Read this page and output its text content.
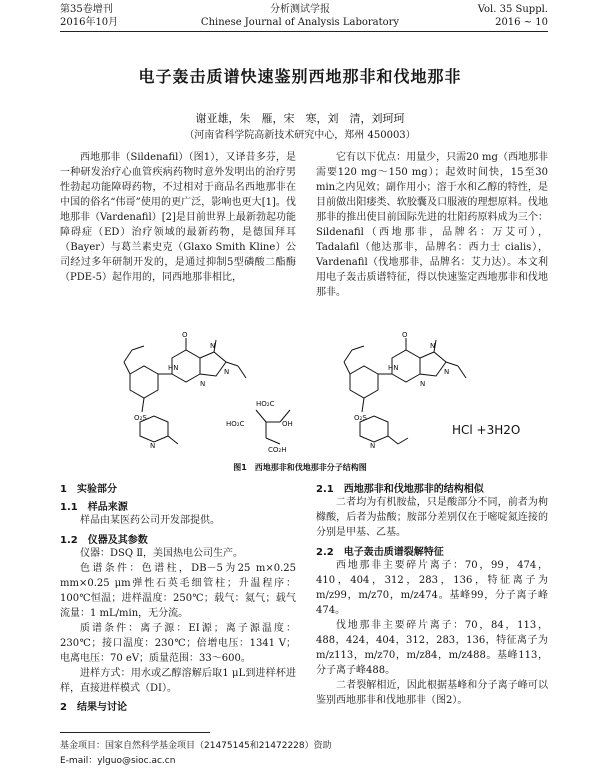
第35卷增刊
2016年10月
分析测试学报
Chinese Journal of Analysis Laboratory
Vol. 35 Suppl.
2016 ~ 10
电子轰击质谱快速鉴别西地那非和伐地那非
谢亚雄，朱　雁，宋　寒，刘　清，刘珂珂
（河南省科学院高新技术研究中心，郑州 450003）

西地那非（Sildenafil）（图1），又译昔多芬，是一种研发治疗心血管疾病药物时意外发明出的治疗男性勃起功能障碍药物，不过相对于商品名西地那非在中国的俗名“伟哥”使用的更广泛，影响也更大[1]。伐地那非（Vardenafil）[2]是目前世界上最新勃起功能障碍症（ED）治疗领域的最新药物，是德国拜耳（Bayer）与葛兰素史克（Glaxo Smith Kline）公司经过多年研制开发的，是通过抑制5型磷酸二酯酶（PDE-5）起作用的，同西地那非相比，

它有以下优点：用量少，只需20 mg（西地那非需要120 mg～150 mg）；起效时间快，15至30 min之内见效；副作用小；溶于水和乙醇的特性，是目前做出阳痿类、软胶囊及口服液的理想原料。伐地那非的推出使目前国际先进的壮阳药原料成为三个：Sildenafil（西地那非，品牌名：万艾可），Tadalafil（他达那非，品牌名：西力士 cialis），Vardenafil（伐地那非，品牌名：艾力达）。本文利用电子轰击质谱特征，得以快速鉴定西地那非和伐地那非。

O
HN
N
N
N
O₂S
N
HO₂C
OH
HO₂C
CO₂H
O
HN
N
N
N
O₂S
N
HCl +3H2O
图1　西地那非和伐地那非分子结构图
1　实验部分
1.1　样品来源

样品由某医药公司开发部提供。

1.2　仪器及其参数

仪器：DSQ Ⅱ，美国热电公司生产。

色谱条件：色谱柱，DB－5为25 m×0.25 mm×0.25 μm弹性石英毛细管柱；升温程序：100℃恒温；进样温度：250℃；载气：氦气；载气流量：1 mL/min，无分流。

质谱条件：离子源：EI源；离子源温度：230℃；接口温度：230℃；倍增电压：1341 V；电离电压：70 eV；质量范围：33～600。

进样方式：用水或乙醇溶解后取1 μL到进样杯进样，直接进样模式（DI）。

2　结果与讨论
2.1　西地那非和伐地那非的结构相似

二者均为有机胺盐，只是酸部分不同，前者为枸橼酸，后者为盐酸；胺部分差别仅在于嘧啶氮连接的分别是甲基、乙基。

2.2　电子轰击质谱裂解特征

西地那非主要碎片离子：70，99，474，410，404，312，283，136，特征离子为m/z99，m/z70，m/z474。基峰99，分子离子峰474。

伐地那非主要碎片离子：70，84，113，488，424，404，312，283，136，特征离子为m/z113，m/z70，m/z84，m/z488。基峰113，分子离子峰488。

二者裂解相近，因此根据基峰和分子离子峰可以鉴别西地那非和伐地那非（图2）。

基金项目：国家自然科学基金项目（21475145和21472228）资助
E-mail：ylguo@sioc.ac.cn
